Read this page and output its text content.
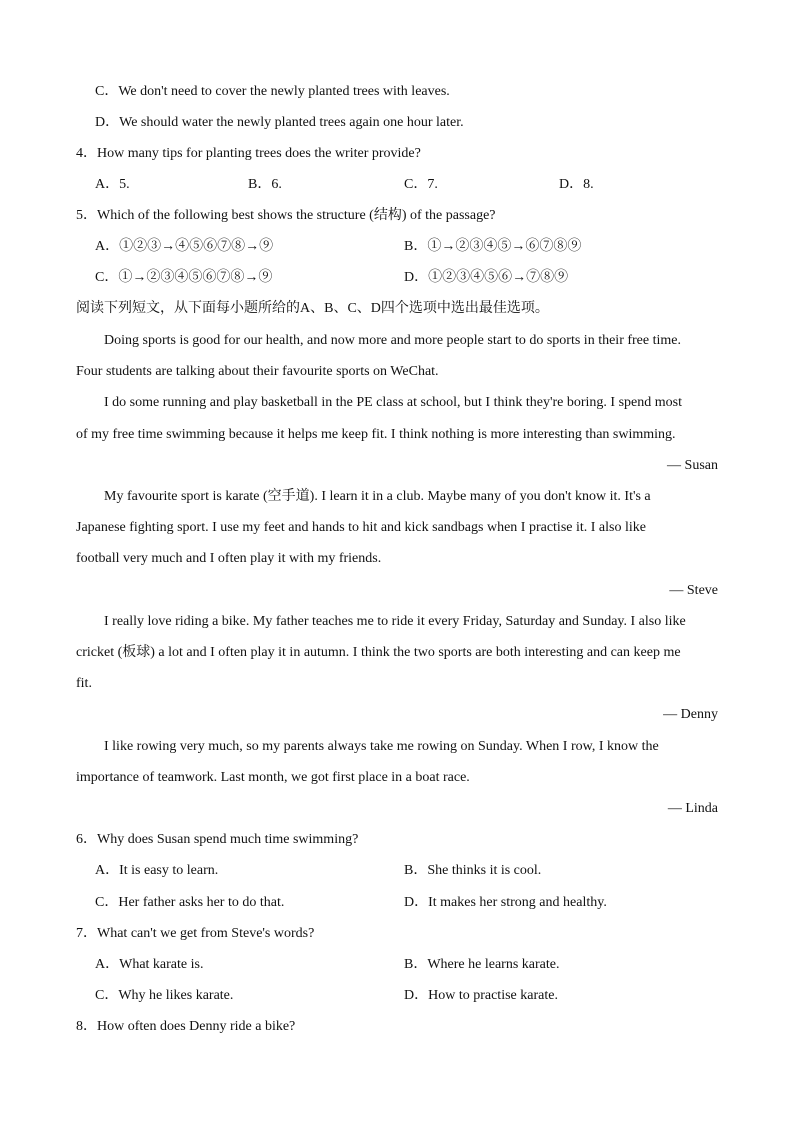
C．We don't need to cover the newly planted trees with leaves.
D．We should water the newly planted trees again one hour later.
4．How many tips for planting trees does the writer provide?
A．5.	B．6.	C．7.	D．8.
5．Which of the following best shows the structure (结构) of the passage?
A．①②③→④⑤⑥⑦⑧→⑨	B．①→②③④⑤→⑥⑦⑧⑨
C．①→②③④⑤⑥⑦⑧→⑨	D．①②③④⑤⑥→⑦⑧⑨
阅读下列短文，从下面每小题所给的A、B、C、D四个选项中选出最佳选项。
Doing sports is good for our health, and now more and more people start to do sports in their free time.
Four students are talking about their favourite sports on WeChat.
I do some running and play basketball in the PE class at school, but I think they're boring. I spend most
of my free time swimming because it helps me keep fit. I think nothing is more interesting than swimming.
— Susan
My favourite sport is karate (空手道). I learn it in a club. Maybe many of you don't know it. It's a
Japanese fighting sport. I use my feet and hands to hit and kick sandbags when I practise it. I also like
football very much and I often play it with my friends.
— Steve
I really love riding a bike. My father teaches me to ride it every Friday, Saturday and Sunday. I also like
cricket (板球) a lot and I often play it in autumn. I think the two sports are both interesting and can keep me
fit.
— Denny
I like rowing very much, so my parents always take me rowing on Sunday. When I row, I know the
importance of teamwork. Last month, we got first place in a boat race.
— Linda
6．Why does Susan spend much time swimming?
A．It is easy to learn.	B．She thinks it is cool.
C．Her father asks her to do that.	D．It makes her strong and healthy.
7．What can't we get from Steve's words?
A．What karate is.	B．Where he learns karate.
C．Why he likes karate.	D．How to practise karate.
8．How often does Denny ride a bike?
